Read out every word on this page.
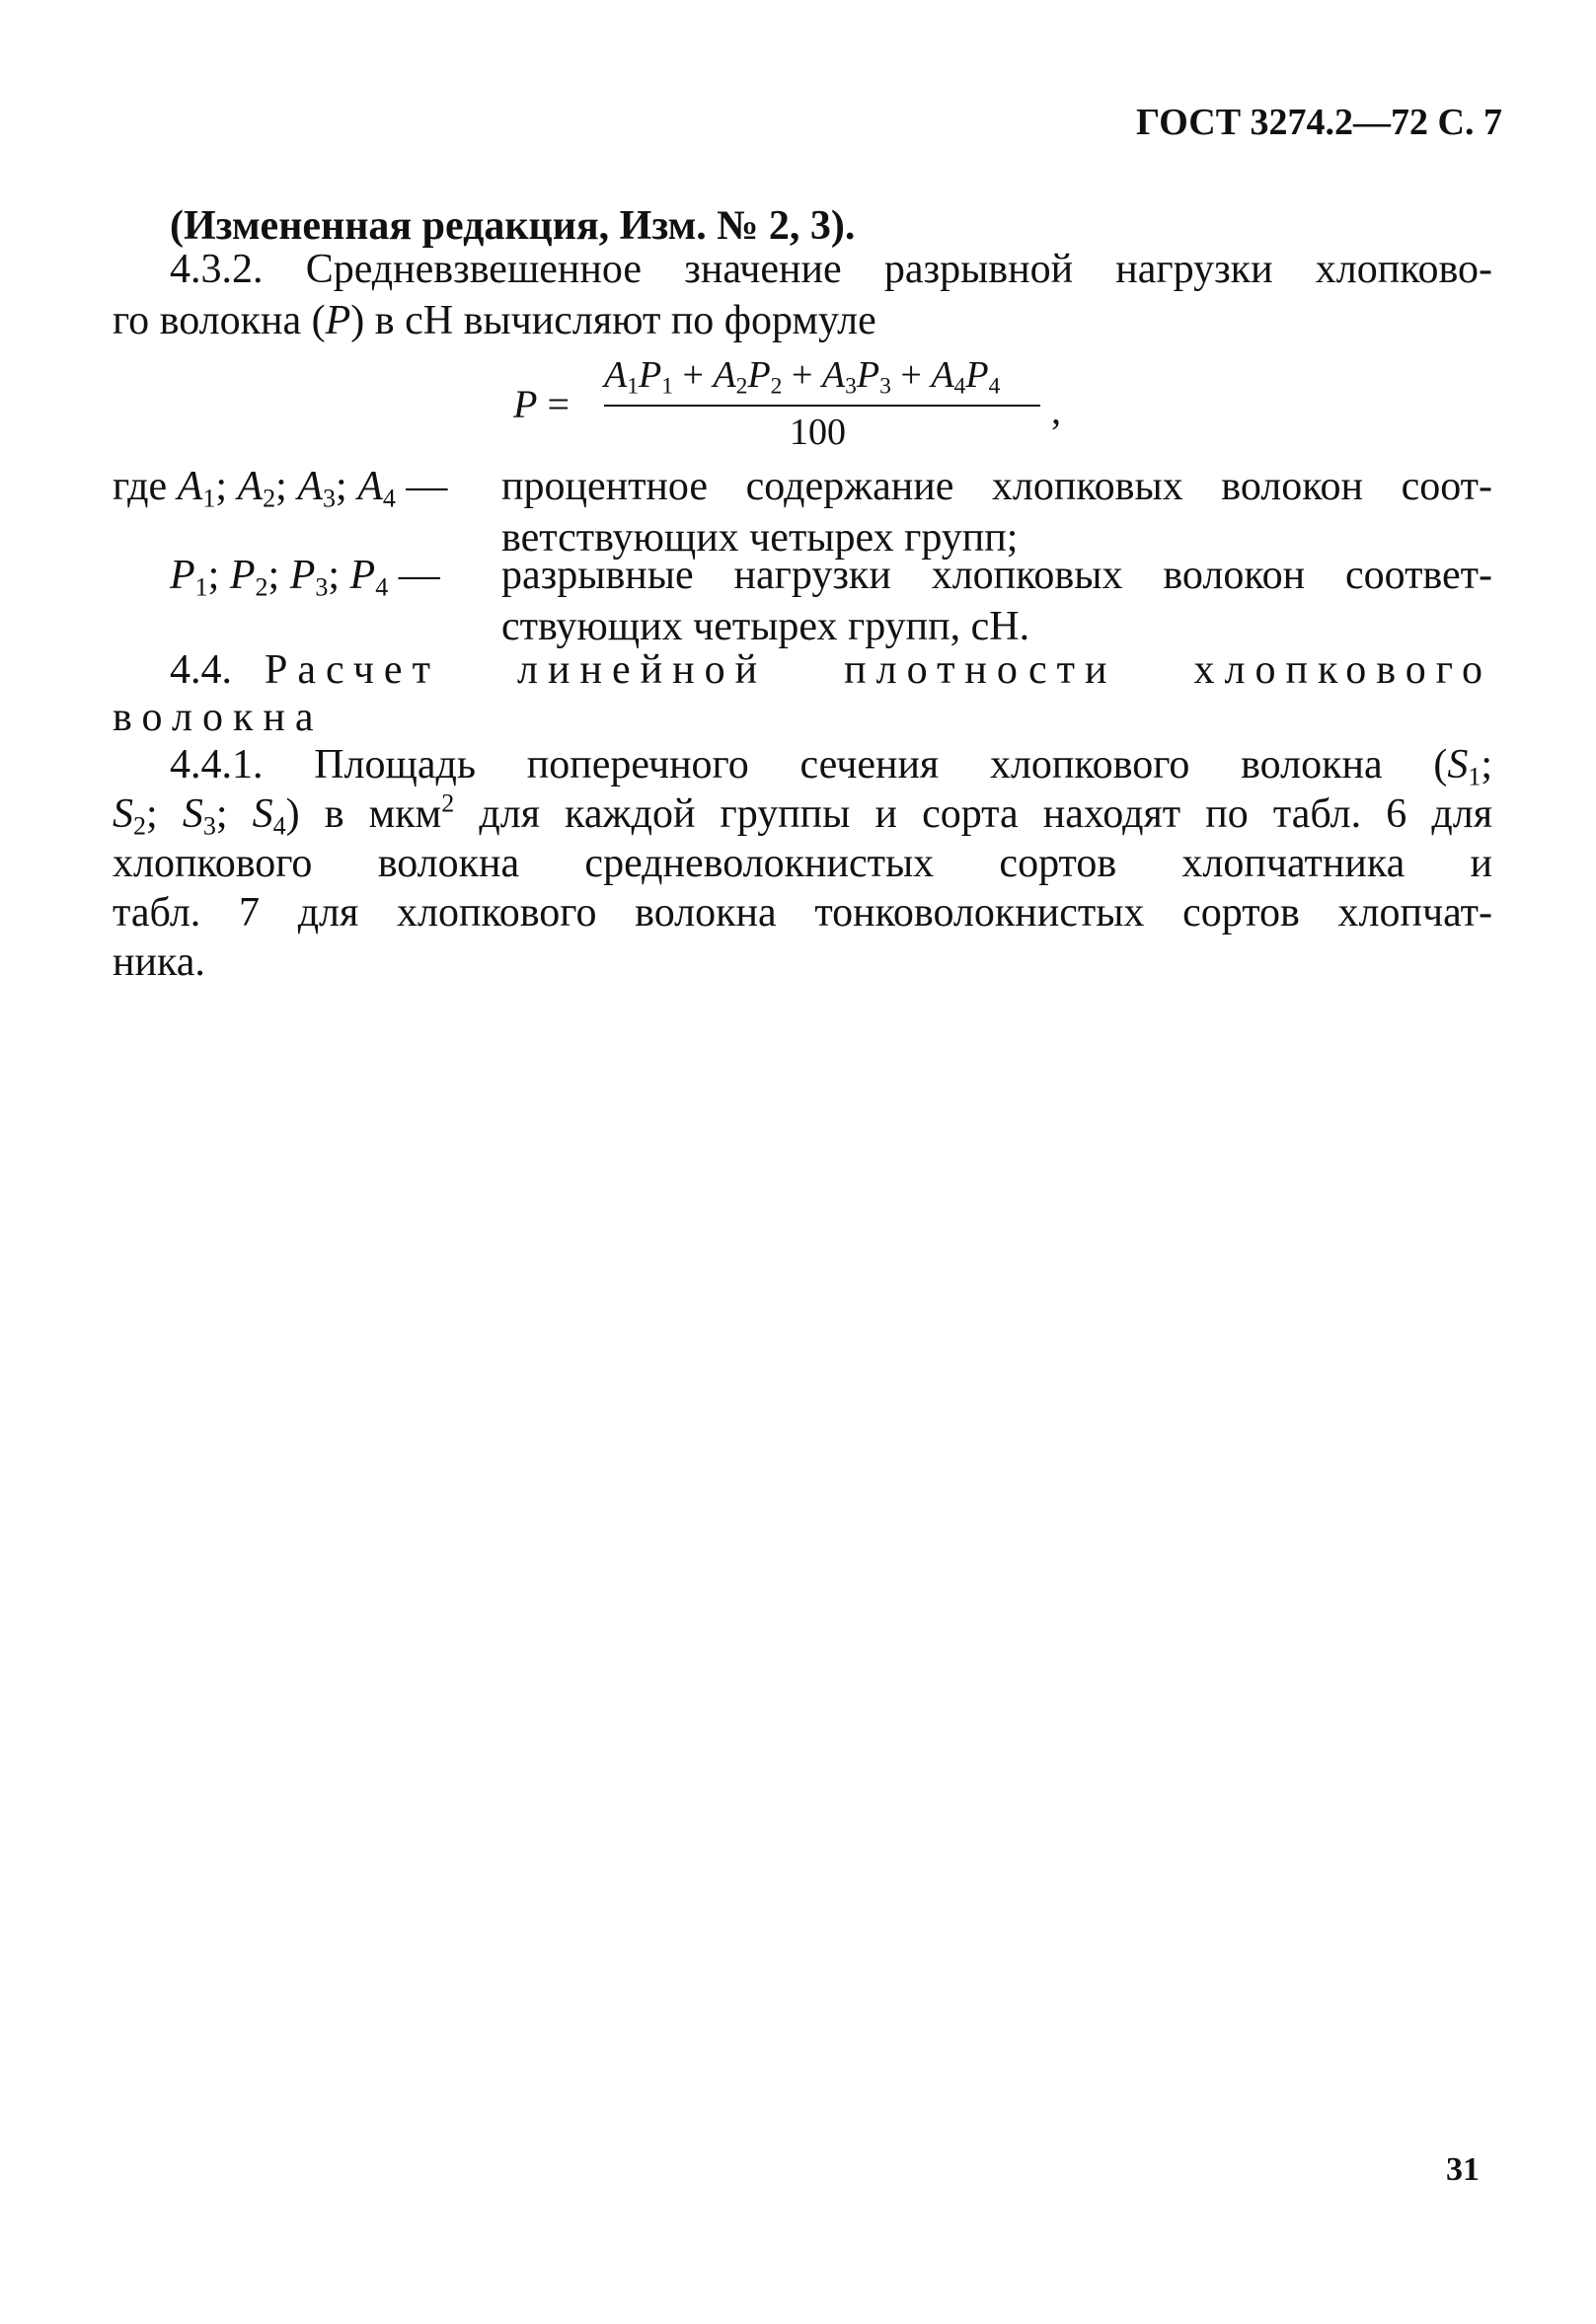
ГОСТ 3274.2—72 С. 7
(Измененная редакция, Изм. № 2, 3).
4.3.2. Средневзвешенное значение разрывной нагрузки хлопково-
го волокна (P) в сН вычисляют по формуле
P =
$A_1P_1 + A_2P_2 + A_3P_3 + A_4P_4$
100	,
где $A_1$; $A_2$; $A_3$; $A_4$ — процентное содержание хлопковых волокон соот-
ветствующих четырех групп;
$P_1$; $P_2$; $P_3$; $P_4$ — разрывные нагрузки хлопковых волокон соответ-
ствующих четырех групп, сН.
4.4. Расчет линейной плотности хлопкового
волокна
4.4.1. Площадь поперечного сечения хлопкового волокна ($S_1$;
$S_2$; $S_3$; $S_4$) в мкм$^2$ для каждой группы и сорта находят по табл. 6 для
хлопкового волокна средневолокнистых сортов хлопчатника и
табл. 7 для хлопкового волокна тонковолокнистых сортов хлопчат-
ника.
31
